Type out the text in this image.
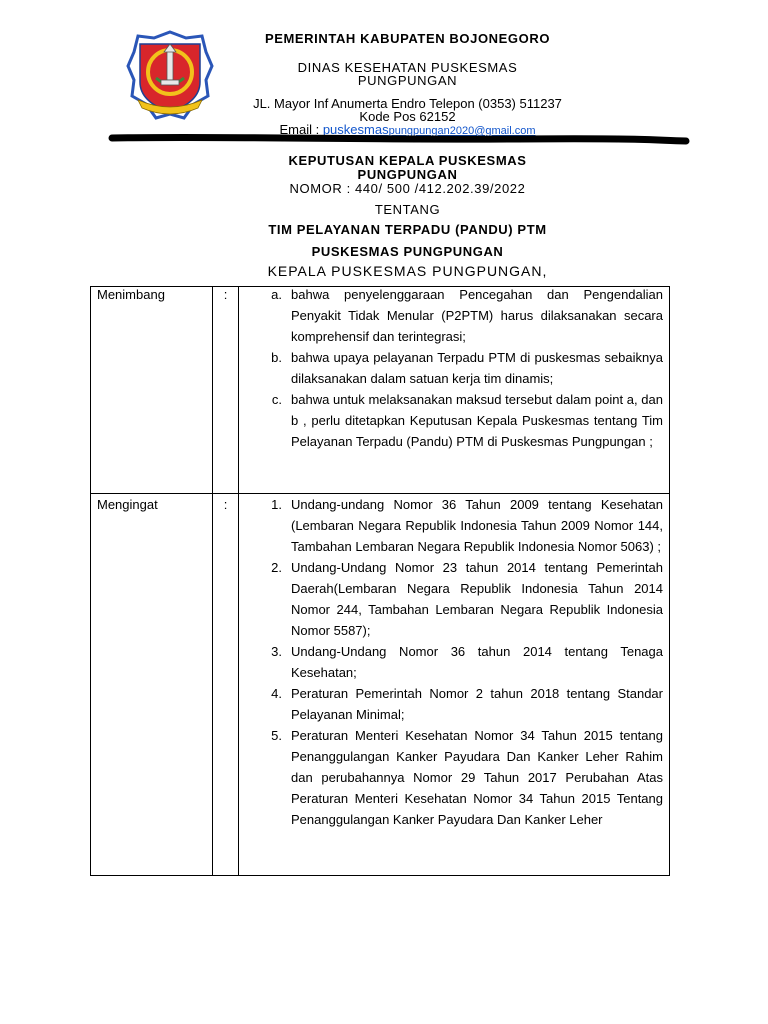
PEMERINTAH KABUPATEN BOJONEGORO
DINAS KESEHATAN PUSKESMAS
PUNGPUNGAN
JL. Mayor Inf Anumerta Endro Telepon (0353) 511237
Kode Pos 62152
Email : puskesmaspungpungan2020@gmail.com
KEPUTUSAN KEPALA PUSKESMAS
PUNGPUNGAN
NOMOR : 440/ 500 /412.202.39/2022
TENTANG
TIM PELAYANAN TERPADU (PANDU) PTM
PUSKESMAS PUNGPUNGAN
KEPALA PUSKESMAS PUNGPUNGAN,
Menimbang	:	a. bahwa penyelenggaraan Pencegahan dan Pengendalian Penyakit Tidak Menular (P2PTM) harus dilaksanakan secara komprehensif dan terintegrasi;
b. bahwa upaya pelayanan Terpadu PTM di puskesmas sebaiknya dilaksanakan dalam satuan kerja tim dinamis;
c. bahwa untuk melaksanakan maksud tersebut dalam point a, dan b , perlu ditetapkan Keputusan Kepala Puskesmas tentang Tim Pelayanan Terpadu (Pandu) PTM di Puskesmas Pungpungan ;
Mengingat	:	1. Undang-undang Nomor 36 Tahun 2009 tentang Kesehatan (Lembaran Negara Republik Indonesia Tahun 2009 Nomor 144, Tambahan Lembaran Negara Republik Indonesia Nomor 5063) ;
2. Undang-Undang Nomor 23 tahun 2014 tentang Pemerintah Daerah(Lembaran Negara Republik Indonesia Tahun 2014 Nomor 244, Tambahan Lembaran Negara Republik Indonesia Nomor 5587);
3. Undang-Undang Nomor 36 tahun 2014 tentang Tenaga Kesehatan;
4. Peraturan Pemerintah Nomor 2 tahun 2018 tentang Standar Pelayanan Minimal;
5. Peraturan Menteri Kesehatan Nomor 34 Tahun 2015 tentang Penanggulangan Kanker Payudara Dan Kanker Leher Rahim dan perubahannya Nomor 29 Tahun 2017 Perubahan Atas Peraturan Menteri Kesehatan Nomor 34 Tahun 2015 Tentang Penanggulangan Kanker Payudara Dan Kanker Leher
